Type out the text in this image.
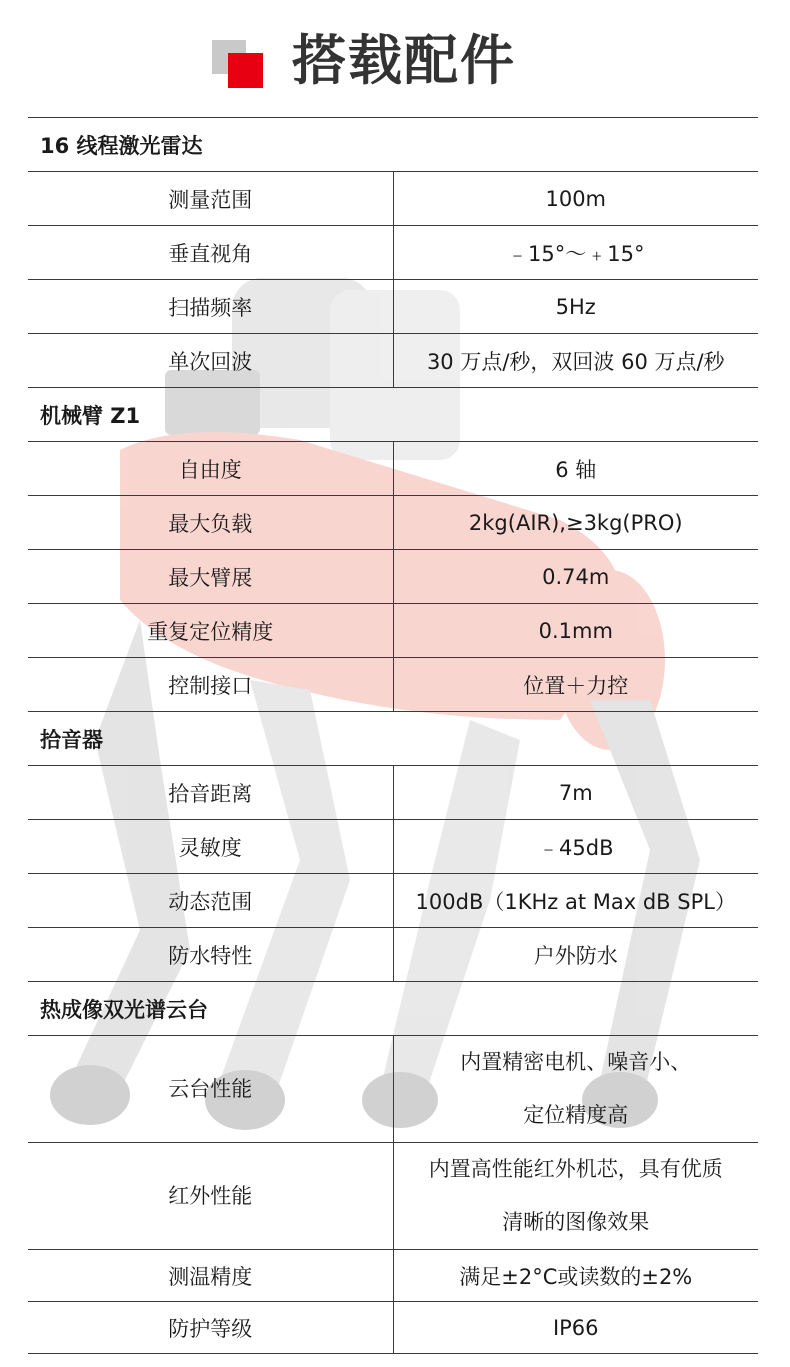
搭载配件
16 线程激光雷达	
测量范围	100m
垂直视角	﹣15°～﹢15°
扫描频率	5Hz
单次回波	30 万点/秒，双回波 60 万点/秒
机械臂 Z1	
自由度	6 轴
最大负载	2kg(AIR),≥3kg(PRO)
最大臂展	0.74m
重复定位精度	0.1mm
控制接口	位置＋力控
拾音器	
拾音距离	7m
灵敏度	﹣45dB
动态范围	100dB（1KHz at Max dB SPL）
防水特性	户外防水
热成像双光谱云台	
云台性能	内置精密电机、噪音小、
定位精度高

红外性能	内置高性能红外机芯，具有优质
清晰的图像效果

测温精度	满足±2°C或读数的±2%
防护等级	IP66
